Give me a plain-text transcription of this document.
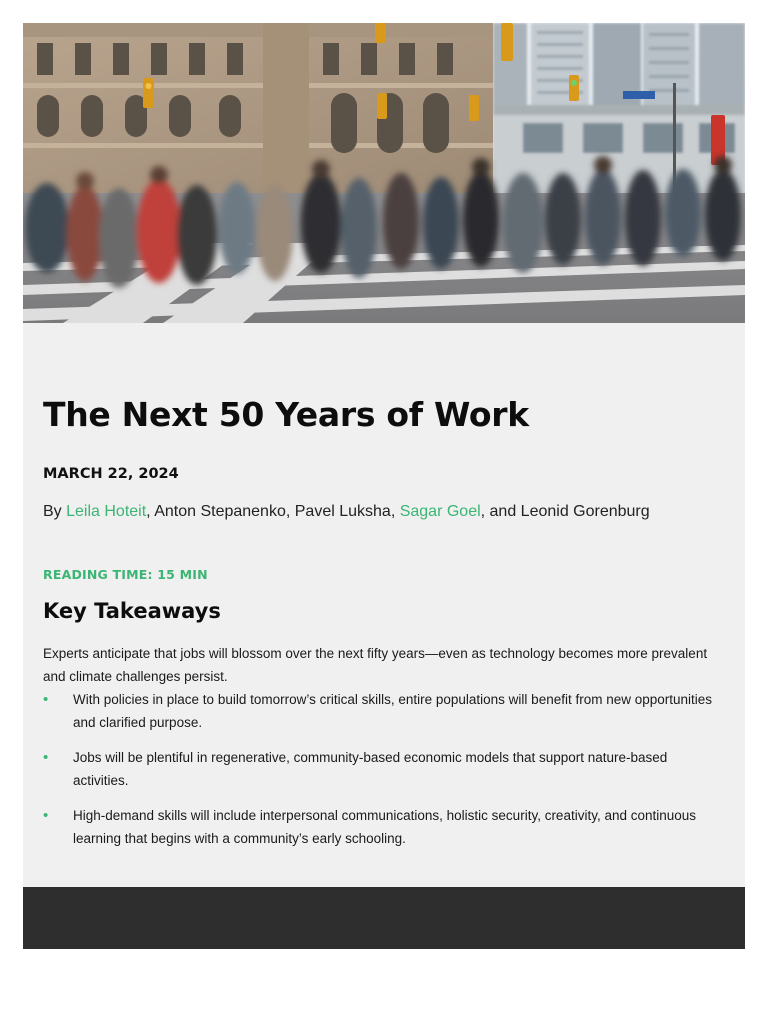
The Next 50 Years of Work
MARCH 22, 2024
By Leila Hoteit, Anton Stepanenko, Pavel Luksha, Sagar Goel, and Leonid Gorenburg
READING TIME: 15 MIN
Key Takeaways
Experts anticipate that jobs will blossom over the next fifty years—even as technology becomes more prevalent and climate challenges persist.
• With policies in place to build tomorrow’s critical skills, entire populations will benefit from new opportunities and clarified purpose.
• Jobs will be plentiful in regenerative, community-based economic models that support nature-based activities.
• High-demand skills will include interpersonal communications, holistic security, creativity, and continuous learning that begins with a community’s early schooling.
